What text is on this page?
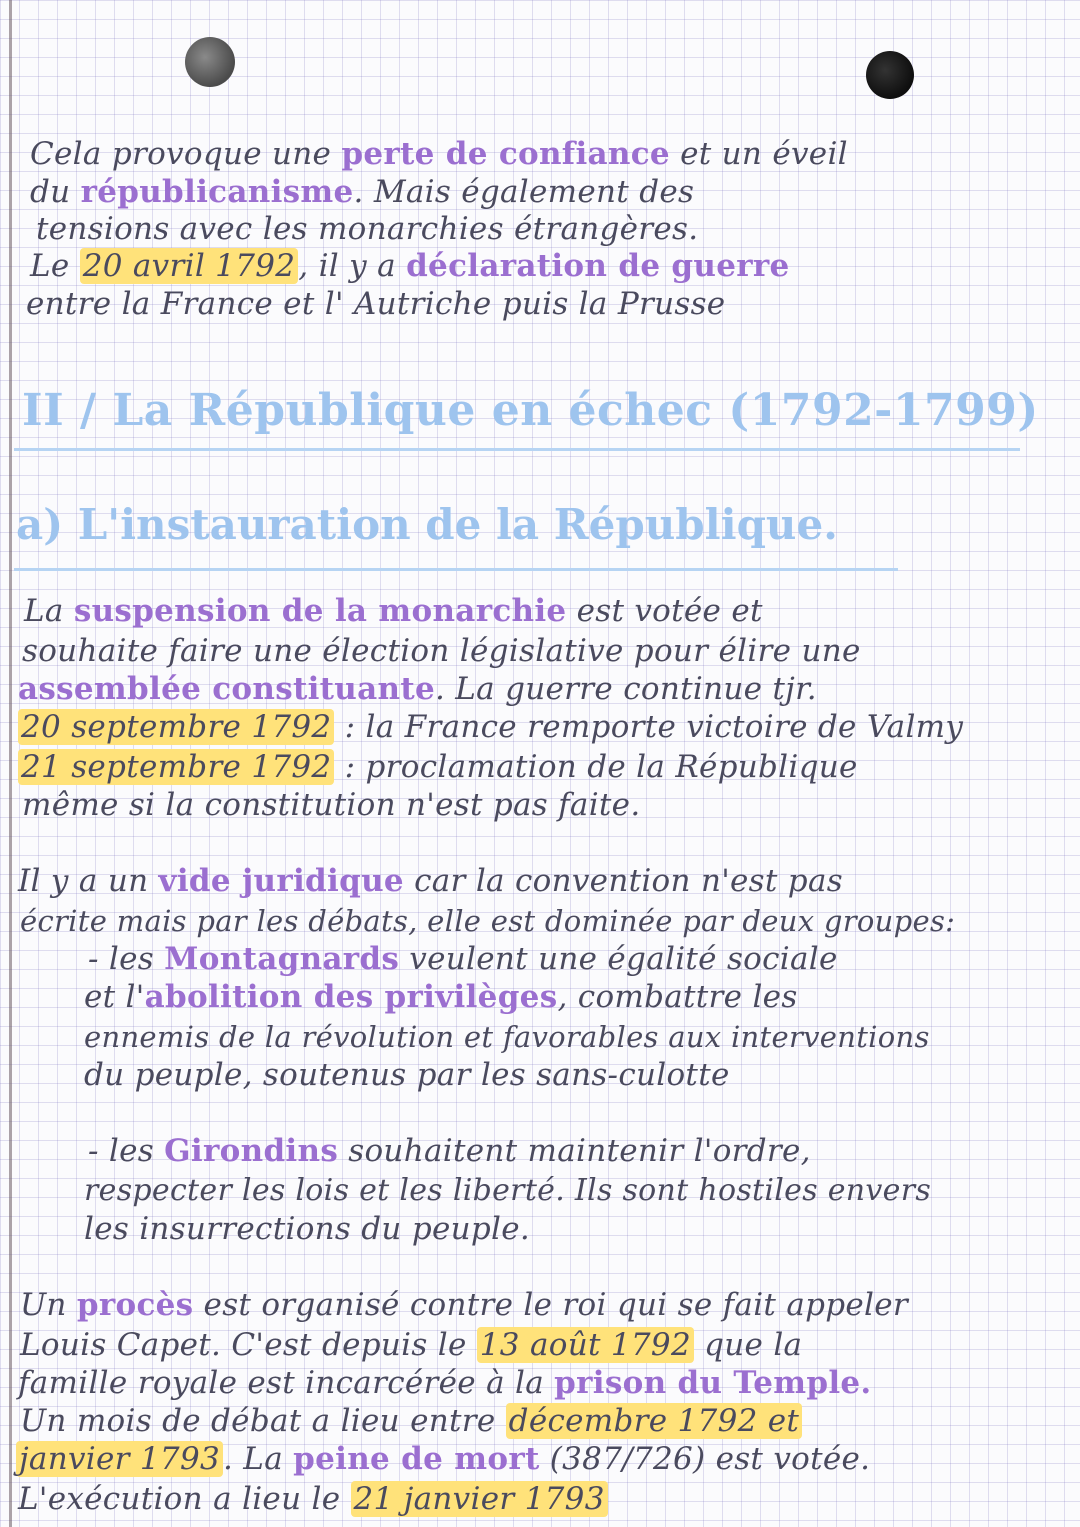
Cela provoque une perte de confiance et un éveil
du républicanisme. Mais également des
tensions avec les monarchies étrangères.
Le 20 avril 1792, il y a déclaration de guerre
entre la France et l' Autriche puis la Prusse
II / La République en échec (1792-1799)
a) L'instauration de la République.
La suspension de la monarchie est votée et
souhaite faire une élection législative pour élire une
assemblée constituante. La guerre continue tjr.
20 septembre 1792 : la France remporte victoire de Valmy
21 septembre 1792 : proclamation de la République
même si la constitution n'est pas faite.
Il y a un vide juridique car la convention n'est pas
écrite mais par les débats, elle est dominée par deux groupes:
- les Montagnards veulent une égalité sociale
et l'abolition des privilèges, combattre les
ennemis de la révolution et favorables aux interventions
du peuple, soutenus par les sans-culotte
- les Girondins souhaitent maintenir l'ordre,
respecter les lois et les liberté. Ils sont hostiles envers
les insurrections du peuple.
Un procès est organisé contre le roi qui se fait appeler
Louis Capet. C'est depuis le 13 août 1792 que la
famille royale est incarcérée à la prison du Temple.
Un mois de débat a lieu entre décembre 1792 et
janvier 1793. La peine de mort (387/726) est votée.
L'exécution a lieu le 21 janvier 1793
